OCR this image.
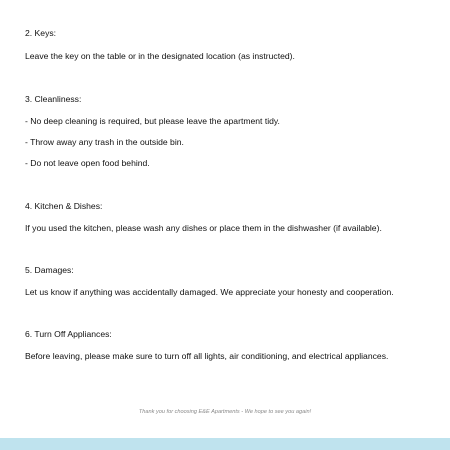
2. Keys:
Leave the key on the table or in the designated location (as instructed).
3. Cleanliness:
- No deep cleaning is required, but please leave the apartment tidy.
- Throw away any trash in the outside bin.
- Do not leave open food behind.
4. Kitchen & Dishes:
If you used the kitchen, please wash any dishes or place them in the dishwasher (if available).
5. Damages:
Let us know if anything was accidentally damaged. We appreciate your honesty and cooperation.
6. Turn Off Appliances:
Before leaving, please make sure to turn off all lights, air conditioning, and electrical appliances.
Thank you for choosing E&E Apartments - We hope to see you again!
